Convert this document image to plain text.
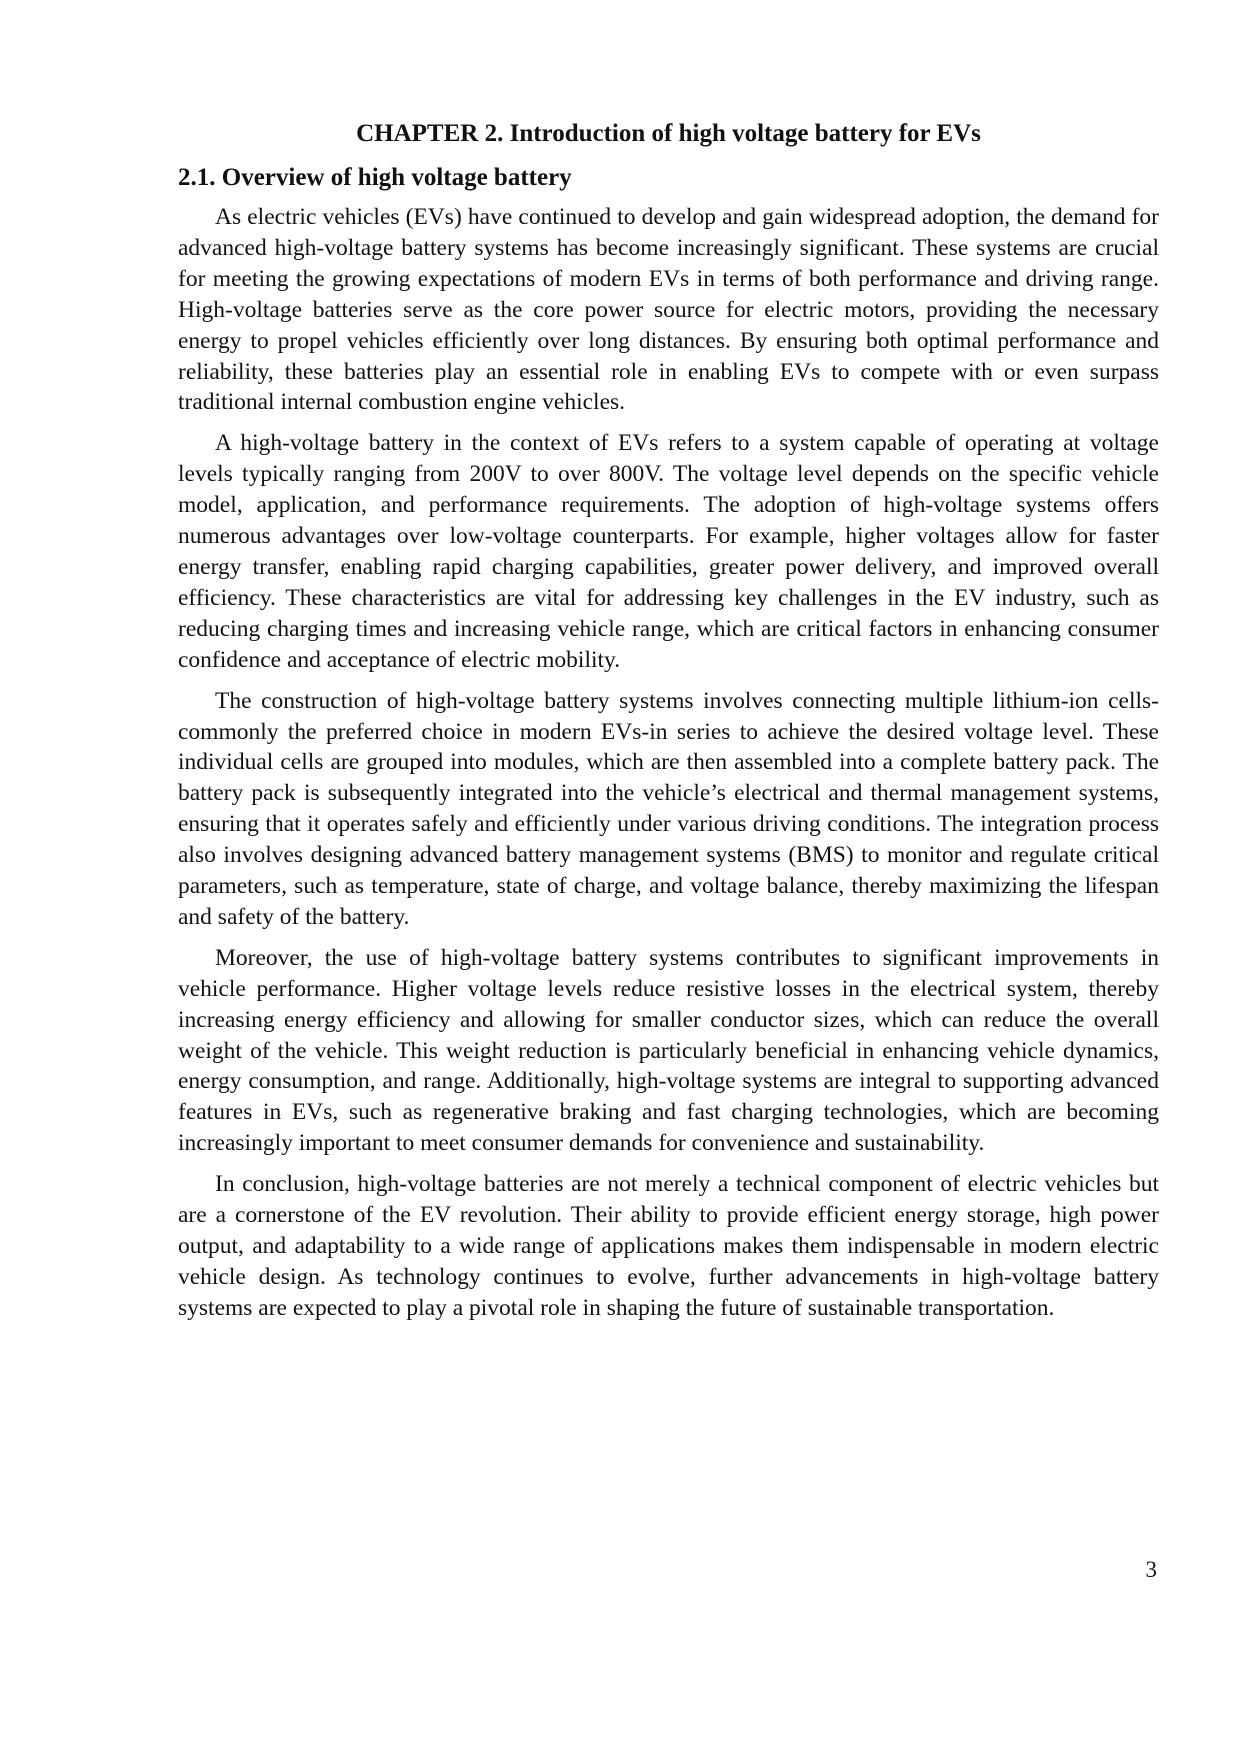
CHAPTER 2. Introduction of high voltage battery for EVs
2.1. Overview of high voltage battery

As electric vehicles (EVs) have continued to develop and gain widespread adoption, the demand for advanced high-voltage battery systems has become increasingly significant. These systems are crucial for meeting the growing expectations of modern EVs in terms of both performance and driving range. High-voltage batteries serve as the core power source for electric motors, providing the necessary energy to propel vehicles efficiently over long distances. By ensuring both optimal performance and reliability, these batteries play an essential role in enabling EVs to compete with or even surpass traditional internal combustion engine vehicles.

A high-voltage battery in the context of EVs refers to a system capable of operating at voltage levels typically ranging from 200V to over 800V. The voltage level depends on the specific vehicle model, application, and performance requirements. The adoption of high-voltage systems offers numerous advantages over low-voltage counterparts. For example, higher voltages allow for faster energy transfer, enabling rapid charging capabilities, greater power delivery, and improved overall efficiency. These characteristics are vital for addressing key challenges in the EV industry, such as reducing charging times and increasing vehicle range, which are critical factors in enhancing consumer confidence and acceptance of electric mobility.

The construction of high-voltage battery systems involves connecting multiple lithium-ion cells-commonly the preferred choice in modern EVs-in series to achieve the desired voltage level. These individual cells are grouped into modules, which are then assembled into a complete battery pack. The battery pack is subsequently integrated into the vehicle’s electrical and thermal management systems, ensuring that it operates safely and efficiently under various driving conditions. The integration process also involves designing advanced battery management systems (BMS) to monitor and regulate critical parameters, such as temperature, state of charge, and voltage balance, thereby maximizing the lifespan and safety of the battery.

Moreover, the use of high-voltage battery systems contributes to significant improvements in vehicle performance. Higher voltage levels reduce resistive losses in the electrical system, thereby increasing energy efficiency and allowing for smaller conductor sizes, which can reduce the overall weight of the vehicle. This weight reduction is particularly beneficial in enhancing vehicle dynamics, energy consumption, and range. Additionally, high-voltage systems are integral to supporting advanced features in EVs, such as regenerative braking and fast charging technologies, which are becoming increasingly important to meet consumer demands for convenience and sustainability.

In conclusion, high-voltage batteries are not merely a technical component of electric vehicles but are a cornerstone of the EV revolution. Their ability to provide efficient energy storage, high power output, and adaptability to a wide range of applications makes them indispensable in modern electric vehicle design. As technology continues to evolve, further advancements in high-voltage battery systems are expected to play a pivotal role in shaping the future of sustainable transportation.

3
